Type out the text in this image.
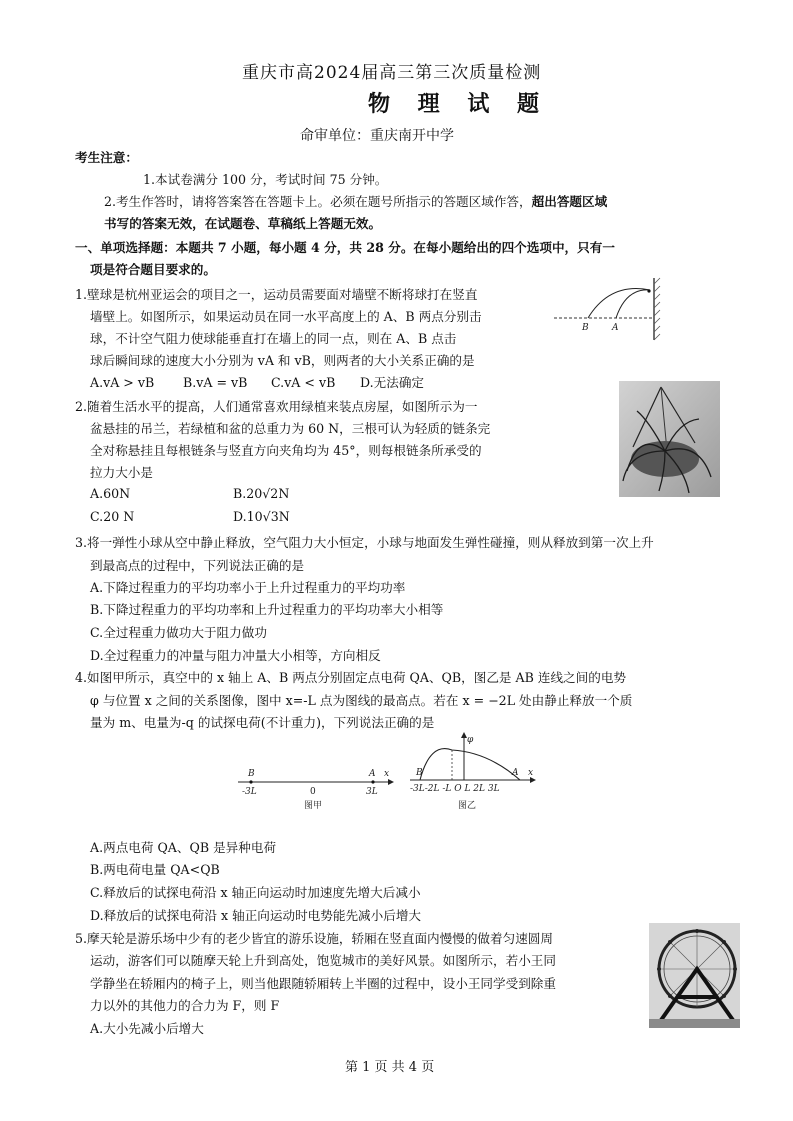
重庆市高2024届高三第三次质量检测
物 理 试 题
命审单位：重庆南开中学
考生注意：
1.本试卷满分 100 分，考试时间 75 分钟。
2.考生作答时，请将答案答在答题卡上。必须在题号所指示的答题区域作答，超出答题区域
书写的答案无效，在试题卷、草稿纸上答题无效。
一、单项选择题：本题共 7 小题，每小题 4 分，共 28 分。在每小题给出的四个选项中，只有一
项是符合题目要求的。
1.壁球是杭州亚运会的项目之一，运动员需要面对墙壁不断将球打在竖直
墙壁上。如图所示，如果运动员在同一水平高度上的 A、B 两点分别击
球，不计空气阻力使球能垂直打在墙上的同一点，则在 A、B 点击
球后瞬间球的速度大小分别为 vA 和 vB，则两者的大小关系正确的是
A.vA > vB B.vA = vB C.vA < vB D.无法确定
B	A
2.随着生活水平的提高，人们通常喜欢用绿植来装点房屋，如图所示为一
盆悬挂的吊兰，若绿植和盆的总重力为 60 N，三根可认为轻质的链条完
全对称悬挂且每根链条与竖直方向夹角均为 45°，则每根链条所承受的
拉力大小是
A.60N	B.20√2N
C.20 N	D.10√3N
3.将一弹性小球从空中静止释放，空气阻力大小恒定，小球与地面发生弹性碰撞，则从释放到第一次上升
到最高点的过程中，下列说法正确的是
A.下降过程重力的平均功率小于上升过程重力的平均功率
B.下降过程重力的平均功率和上升过程重力的平均功率大小相等
C.全过程重力做功大于阻力做功
D.全过程重力的冲量与阻力冲量大小相等，方向相反
4.如图甲所示，真空中的 x 轴上 A、B 两点分别固定点电荷 QA、QB，图乙是 AB 连线之间的电势
φ 与位置 x 之间的关系图像，图中 x=-L 点为图线的最高点。若在 x = −2L 处由静止释放一个质
量为 m、电量为-q 的试探电荷(不计重力)，下列说法正确的是
B	A x
-3L	0	3L
图甲
φ
B	A x
-3L-2L -L O L 2L 3L
图乙
A.两点电荷 QA、QB 是异种电荷
B.两电荷电量 QA<QB
C.释放后的试探电荷沿 x 轴正向运动时加速度先增大后减小
D.释放后的试探电荷沿 x 轴正向运动时电势能先减小后增大
5.摩天轮是游乐场中少有的老少皆宜的游乐设施，轿厢在竖直面内慢慢的做着匀速圆周
运动，游客们可以随摩天轮上升到高处，饱览城市的美好风景。如图所示，若小王同
学静坐在轿厢内的椅子上，则当他跟随轿厢转上半圈的过程中，设小王同学受到除重
力以外的其他力的合力为 F，则 F
A.大小先减小后增大
第 1 页 共 4 页
